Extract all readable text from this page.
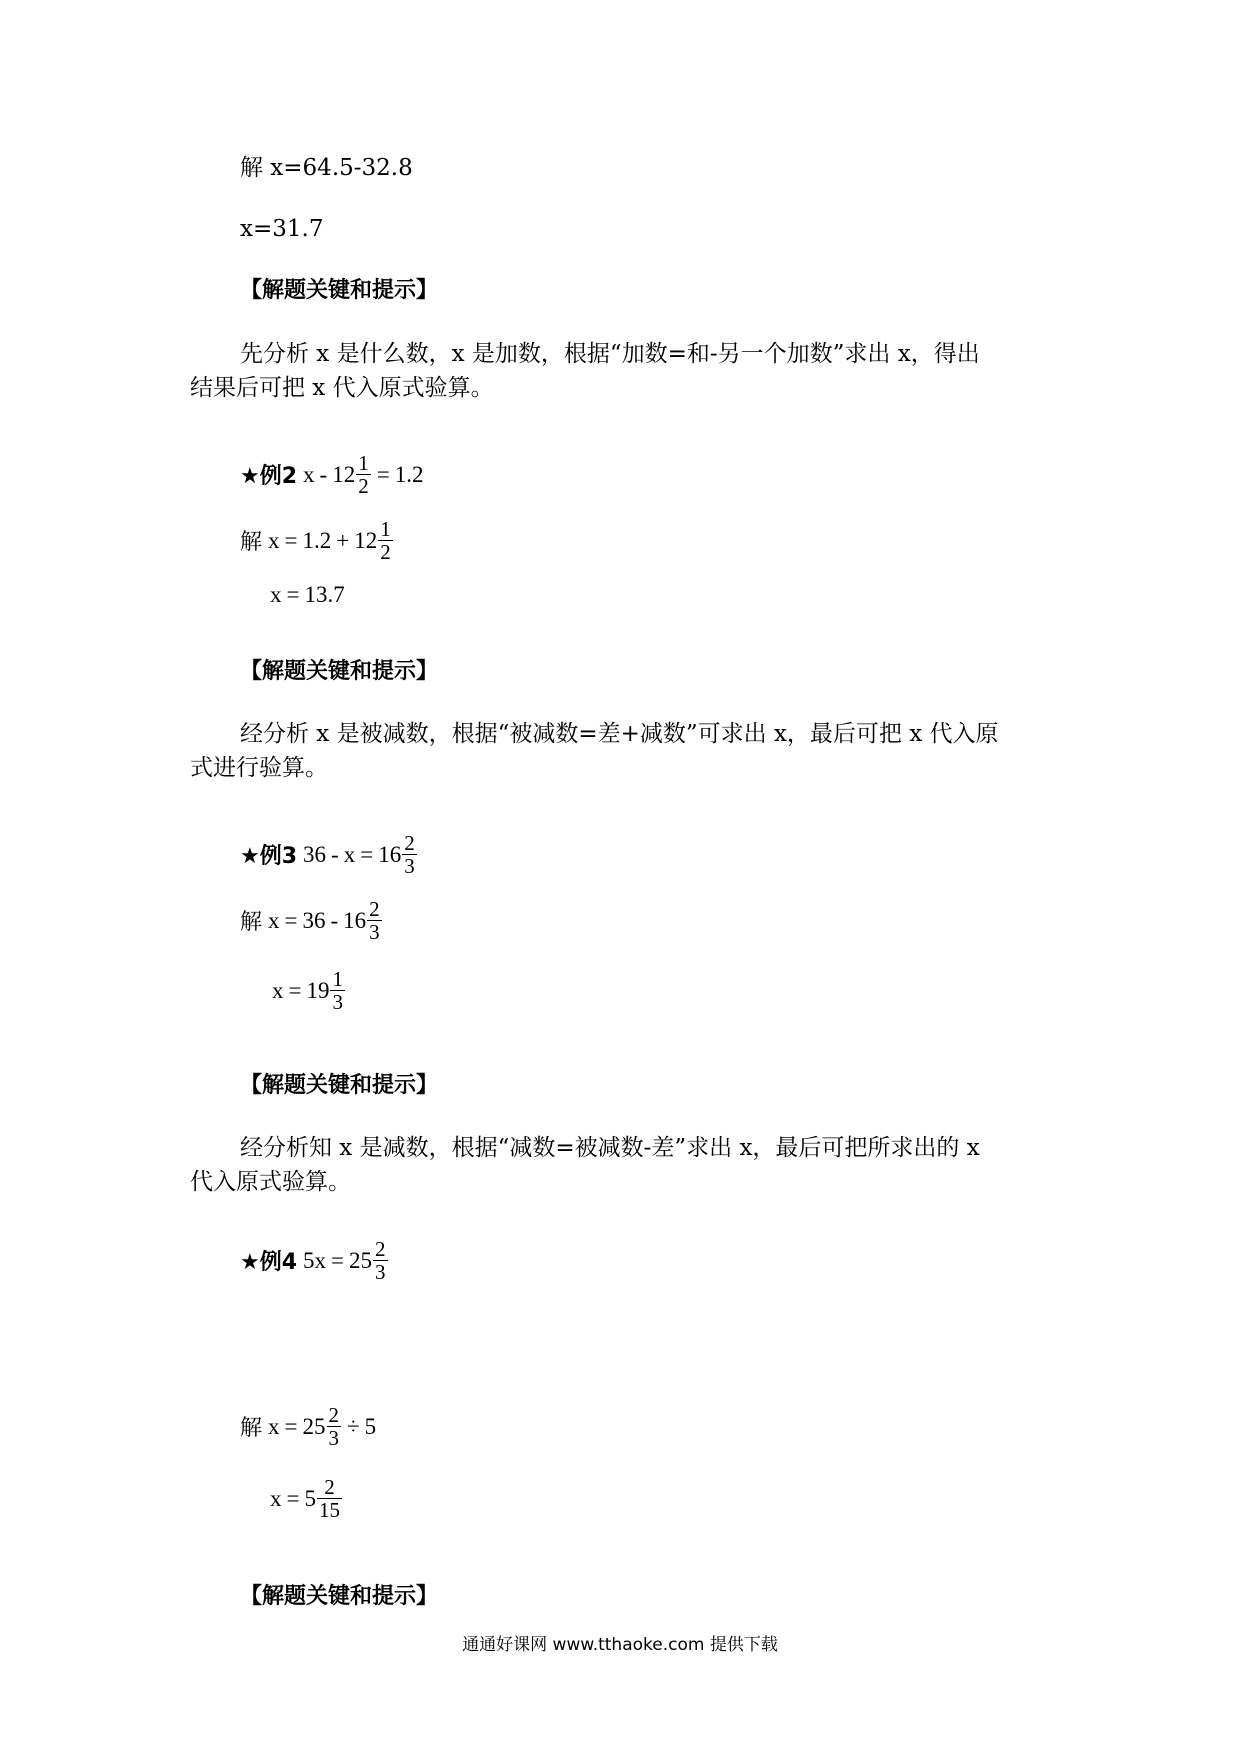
解 x=64.5-32.8
x=31.7
【解题关键和提示】
先分析 x 是什么数，x 是加数，根据“加数=和-另一个加数”求出 x，得出
结果后可把 x 代入原式验算。
★例2 $x - 12 \frac{1}{2} = 1.2$
解 $x = 1.2 + 12 \frac{1}{2}$
x = 13.7
【解题关键和提示】
经分析 x 是被减数，根据“被减数=差+减数”可求出 x，最后可把 x 代入原
式进行验算。
★例3 $36 - x = 16 \frac{2}{3}$
解 $x = 36 - 16 \frac{2}{3}$
$x = 19 \frac{1}{3}$
【解题关键和提示】
经分析知 x 是减数，根据“减数=被减数-差”求出 x，最后可把所求出的 x
代入原式验算。
★例4 $5x = 25 \frac{2}{3}$
解 $x = 25 \frac{2}{3} \div 5$
$x = 5 \frac{2}{15}$
【解题关键和提示】
通通好课网 www.tthaoke.com 提供下载
